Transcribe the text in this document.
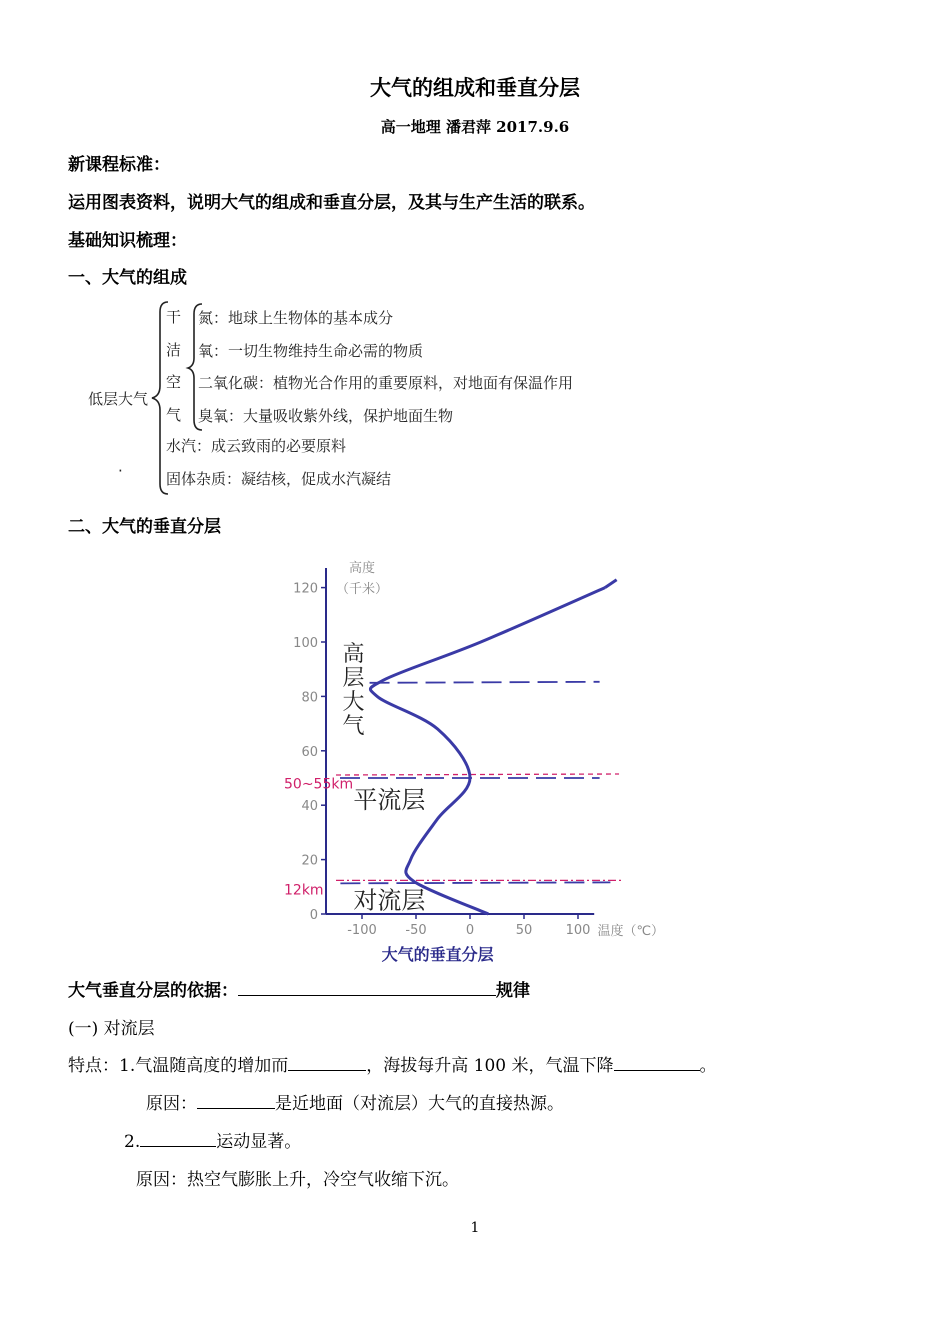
大气的组成和垂直分层
高一地理 潘君萍 2017.9.6
新课程标准：
运用图表资料，说明大气的组成和垂直分层，及其与生产生活的联系。
基础知识梳理：
一、大气的组成
低层大气
干
洁
空
气
氮：地球上生物体的基本成分
氧：一切生物维持生命必需的物质
二氧化碳：植物光合作用的重要原料，对地面有保温作用
臭氧：大量吸收紫外线，保护地面生物
水汽：成云致雨的必要原料
固体杂质：凝结核，促成水汽凝结
·
二、大气的垂直分层
0
20
40
60
80
100
120
-100 -50	0	50	100
高度
（千米）
温度（℃）
大气的垂直分层
高
层
大
气
平流层
对流层
50~55km
12km
大气垂直分层的依据：	规律
(一) 对流层
特点：1.气温随高度的增加而	，海拔每升高 100 米，气温下降	。
原因：	是近地面（对流层）大气的直接热源。
2.	运动显著。
原因：热空气膨胀上升，冷空气收缩下沉。
1
